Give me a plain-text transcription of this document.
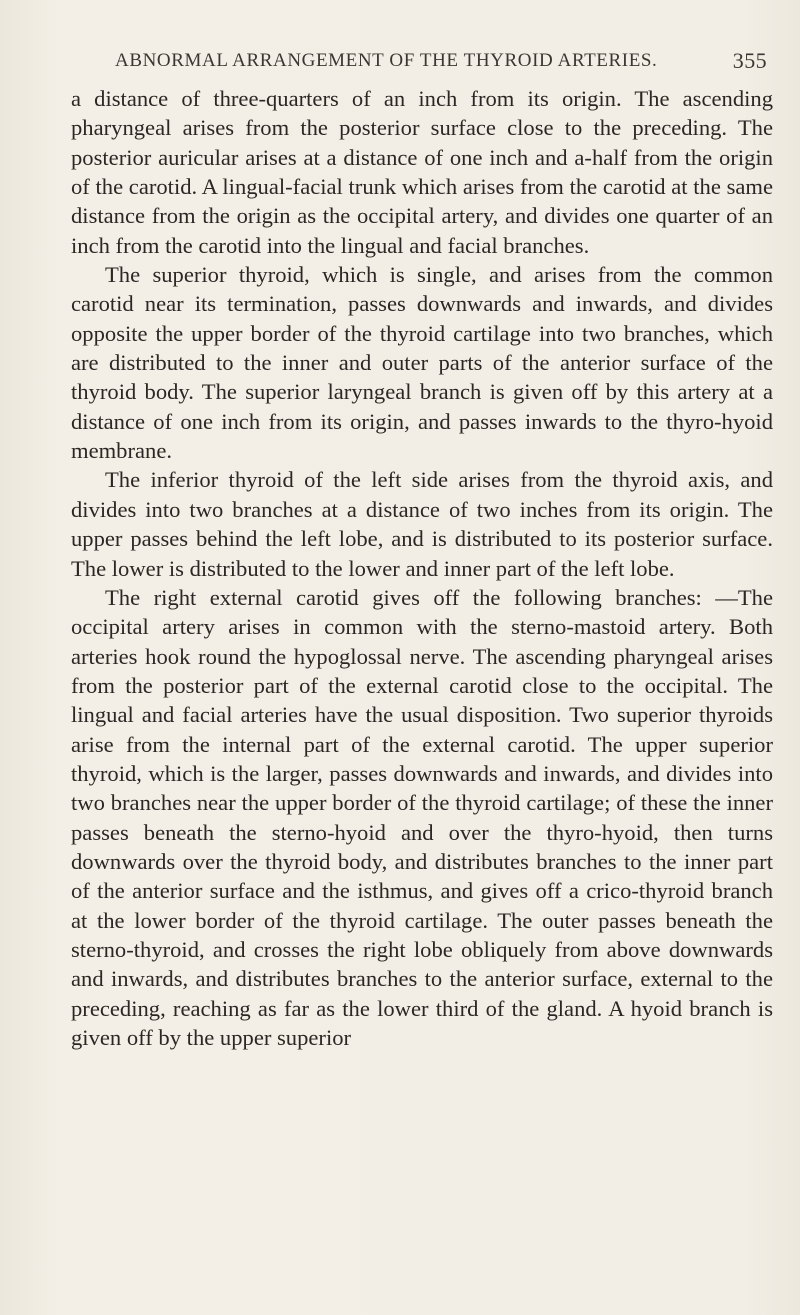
ABNORMAL ARRANGEMENT OF THE THYROID ARTERIES.	355

a distance of three-quarters of an inch from its origin. The ascending pharyngeal arises from the posterior surface close to the preceding. The posterior auricular arises at a distance of one inch and a-half from the origin of the carotid. A lingual-facial trunk which arises from the carotid at the same distance from the origin as the occipital artery, and divides one quarter of an inch from the carotid into the lingual and facial branches.

The superior thyroid, which is single, and arises from the common carotid near its termination, passes downwards and inwards, and divides opposite the upper border of the thyroid cartilage into two branches, which are distributed to the inner and outer parts of the anterior surface of the thyroid body. The superior laryngeal branch is given off by this artery at a distance of one inch from its origin, and passes inwards to the thyro-hyoid membrane.

The inferior thyroid of the left side arises from the thyroid axis, and divides into two branches at a distance of two inches from its origin. The upper passes behind the left lobe, and is distributed to its posterior surface. The lower is distributed to the lower and inner part of the left lobe.

The right external carotid gives off the following branches: —The occipital artery arises in common with the sterno-mastoid artery. Both arteries hook round the hypoglossal nerve. The ascending pharyngeal arises from the posterior part of the external carotid close to the occipital. The lingual and facial arteries have the usual disposition. Two superior thyroids arise from the internal part of the external carotid. The upper superior thyroid, which is the larger, passes downwards and inwards, and divides into two branches near the upper border of the thyroid cartilage; of these the inner passes beneath the sterno-hyoid and over the thyro-hyoid, then turns downwards over the thyroid body, and distributes branches to the inner part of the anterior surface and the isthmus, and gives off a crico-thyroid branch at the lower border of the thyroid cartilage. The outer passes beneath the sterno-thyroid, and crosses the right lobe obliquely from above downwards and inwards, and distributes branches to the anterior surface, external to the preceding, reaching as far as the lower third of the gland. A hyoid branch is given off by the upper superior
